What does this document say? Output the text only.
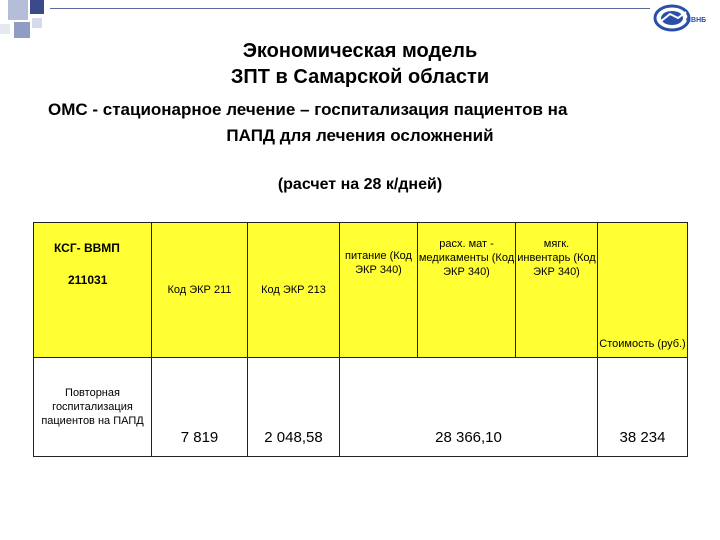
СВНБ
Экономическая модель
ЗПТ в Самарской области
ОМС - стационарное лечение – госпитализация пациентов на
ПАПД для лечения осложнений
(расчет на 28 к/дней)
КСГ- ВВМП
211031	Код ЭКР 211	Код ЭКР 213	питание (Код ЭКР 340)	расх. мат - медикаменты (Код ЭКР 340)	мягк. инвентарь (Код ЭКР 340)	Стоимость (руб.)
Повторная госпитализация пациентов на ПАПД	7 819	2 048,58	28 366,10			38 234
